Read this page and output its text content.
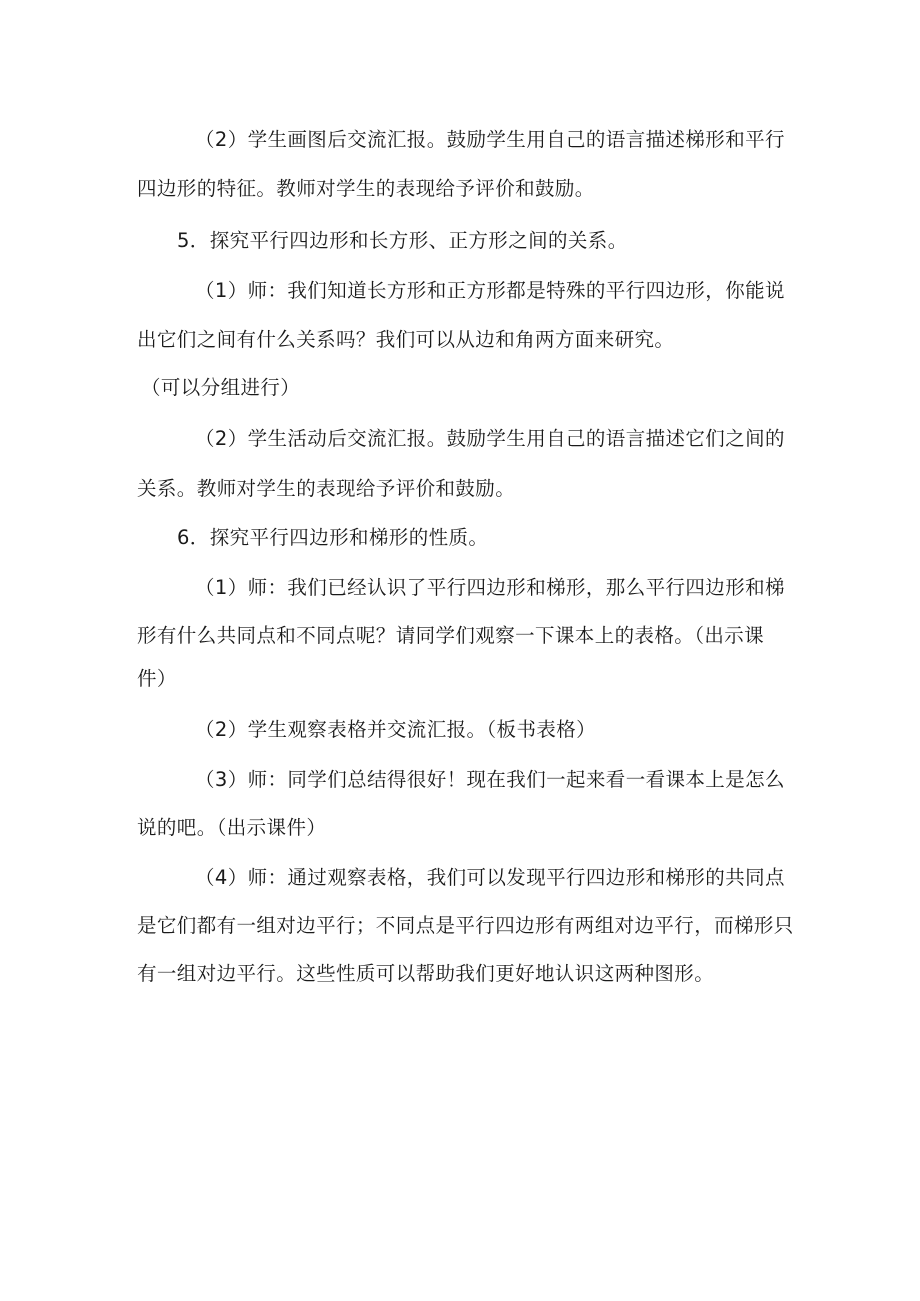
（2）学生画图后交流汇报。鼓励学生用自己的语言描述梯形和平行
四边形的特征。教师对学生的表现给予评价和鼓励。
5．探究平行四边形和长方形、正方形之间的关系。
（1）师：我们知道长方形和正方形都是特殊的平行四边形，你能说
出它们之间有什么关系吗？我们可以从边和角两方面来研究。
（可以分组进行）
（2）学生活动后交流汇报。鼓励学生用自己的语言描述它们之间的
关系。教师对学生的表现给予评价和鼓励。
6．探究平行四边形和梯形的性质。
（1）师：我们已经认识了平行四边形和梯形，那么平行四边形和梯
形有什么共同点和不同点呢？请同学们观察一下课本上的表格。（出示课
件）
（2）学生观察表格并交流汇报。（板书表格）
（3）师：同学们总结得很好！现在我们一起来看一看课本上是怎么
说的吧。（出示课件）
（4）师：通过观察表格，我们可以发现平行四边形和梯形的共同点
是它们都有一组对边平行；不同点是平行四边形有两组对边平行，而梯形只
有一组对边平行。这些性质可以帮助我们更好地认识这两种图形。
